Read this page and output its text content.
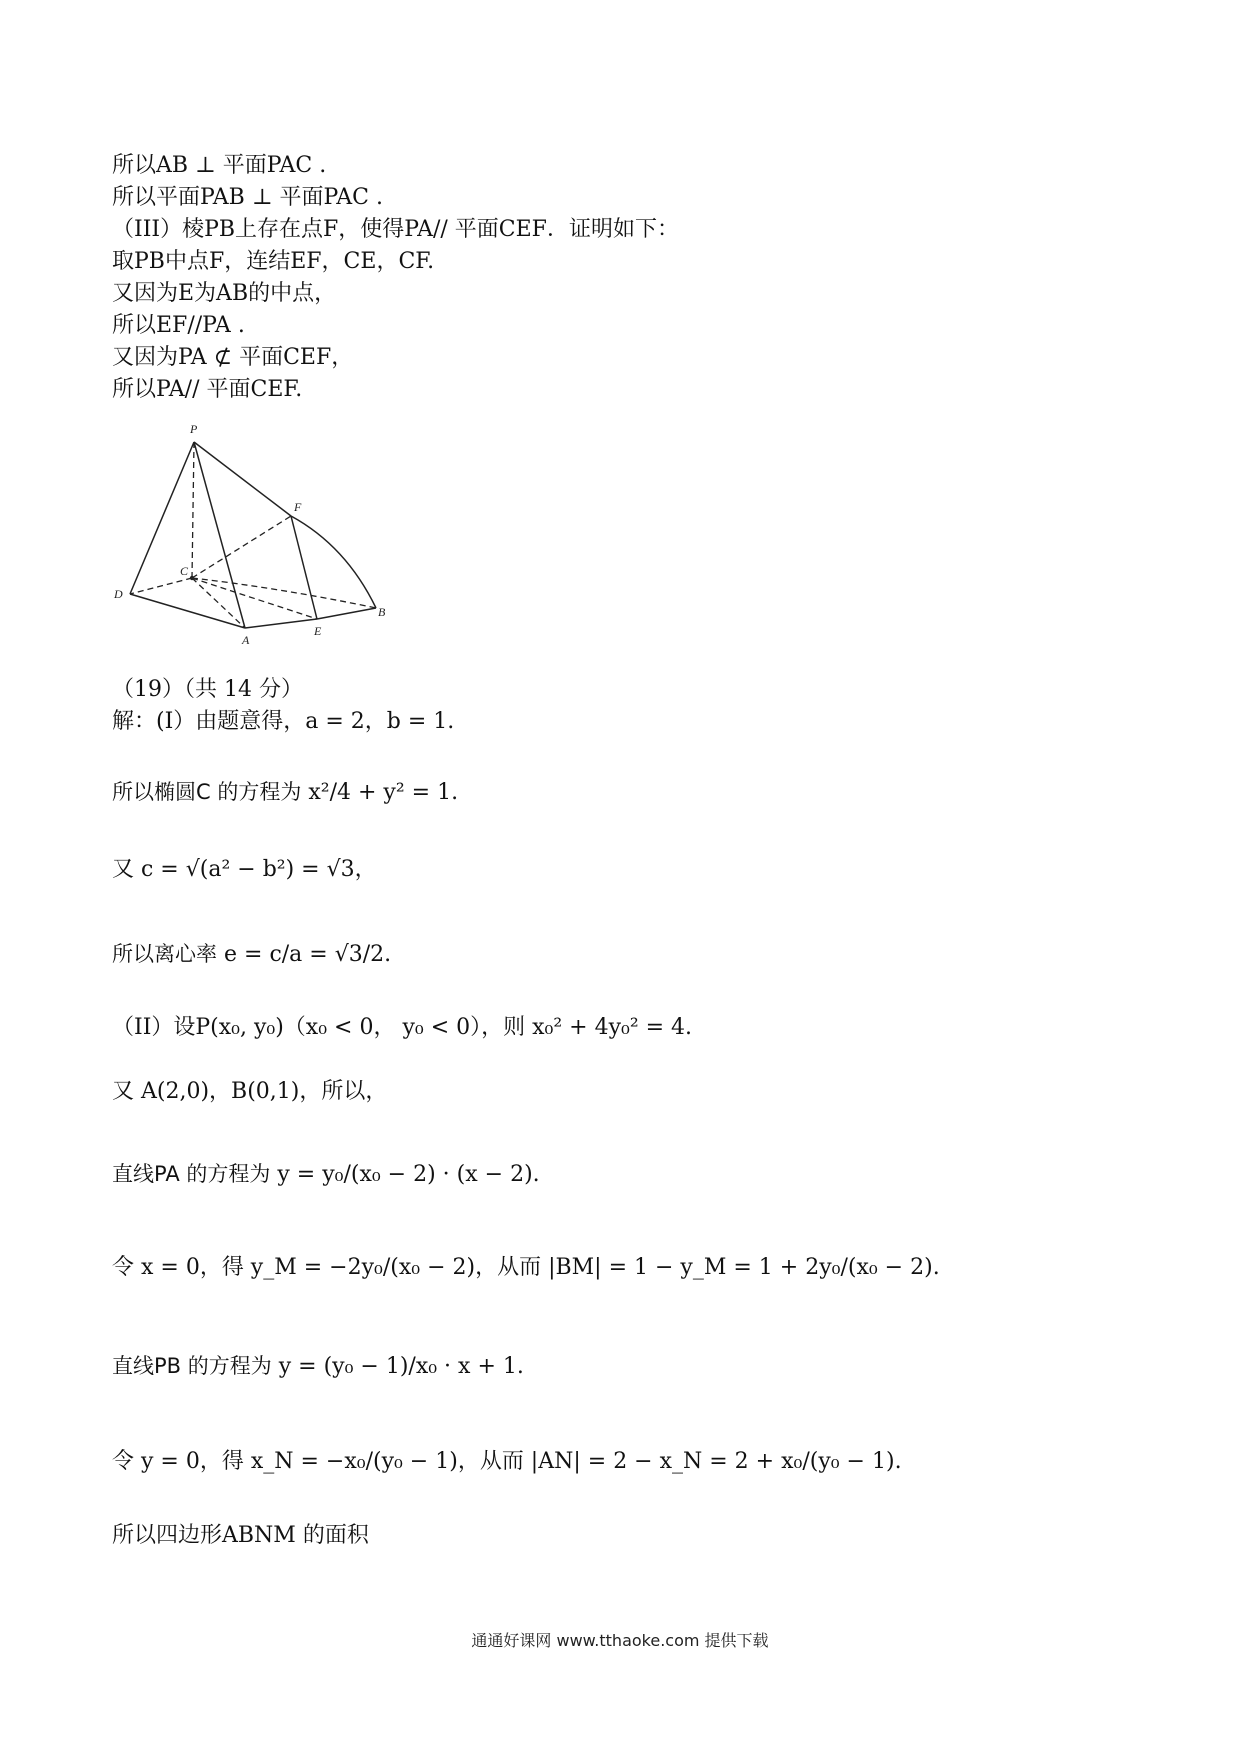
所以AB ⊥ 平面PAC .
所以平面PAB ⊥ 平面PAC .
（III）棱PB上存在点F，使得PA// 平面CEF．证明如下：
取PB中点F，连结EF，CE，CF.
又因为E为AB的中点，
所以EF//PA .
又因为PA ⊄ 平面CEF，
所以PA// 平面CEF.
P
F
C
D
A
E
B
（19）（共 14 分）
解：(I）由题意得，a = 2，b = 1.
所以椭圆C 的方程为 x²/4 + y² = 1.
又 c = √(a² − b²) = √3，
所以离心率 e = c/a = √3/2.
（II）设P(x₀, y₀)（x₀ < 0， y₀ < 0），则 x₀² + 4y₀² = 4.
又 A(2,0)，B(0,1)，所以，
直线PA 的方程为 y = y₀/(x₀ − 2) · (x − 2).
令 x = 0，得 y_M = −2y₀/(x₀ − 2)，从而 |BM| = 1 − y_M = 1 + 2y₀/(x₀ − 2).
直线PB 的方程为 y = (y₀ − 1)/x₀ · x + 1.
令 y = 0，得 x_N = −x₀/(y₀ − 1)，从而 |AN| = 2 − x_N = 2 + x₀/(y₀ − 1).
所以四边形ABNM 的面积
通通好课网 www.tthaoke.com 提供下载
